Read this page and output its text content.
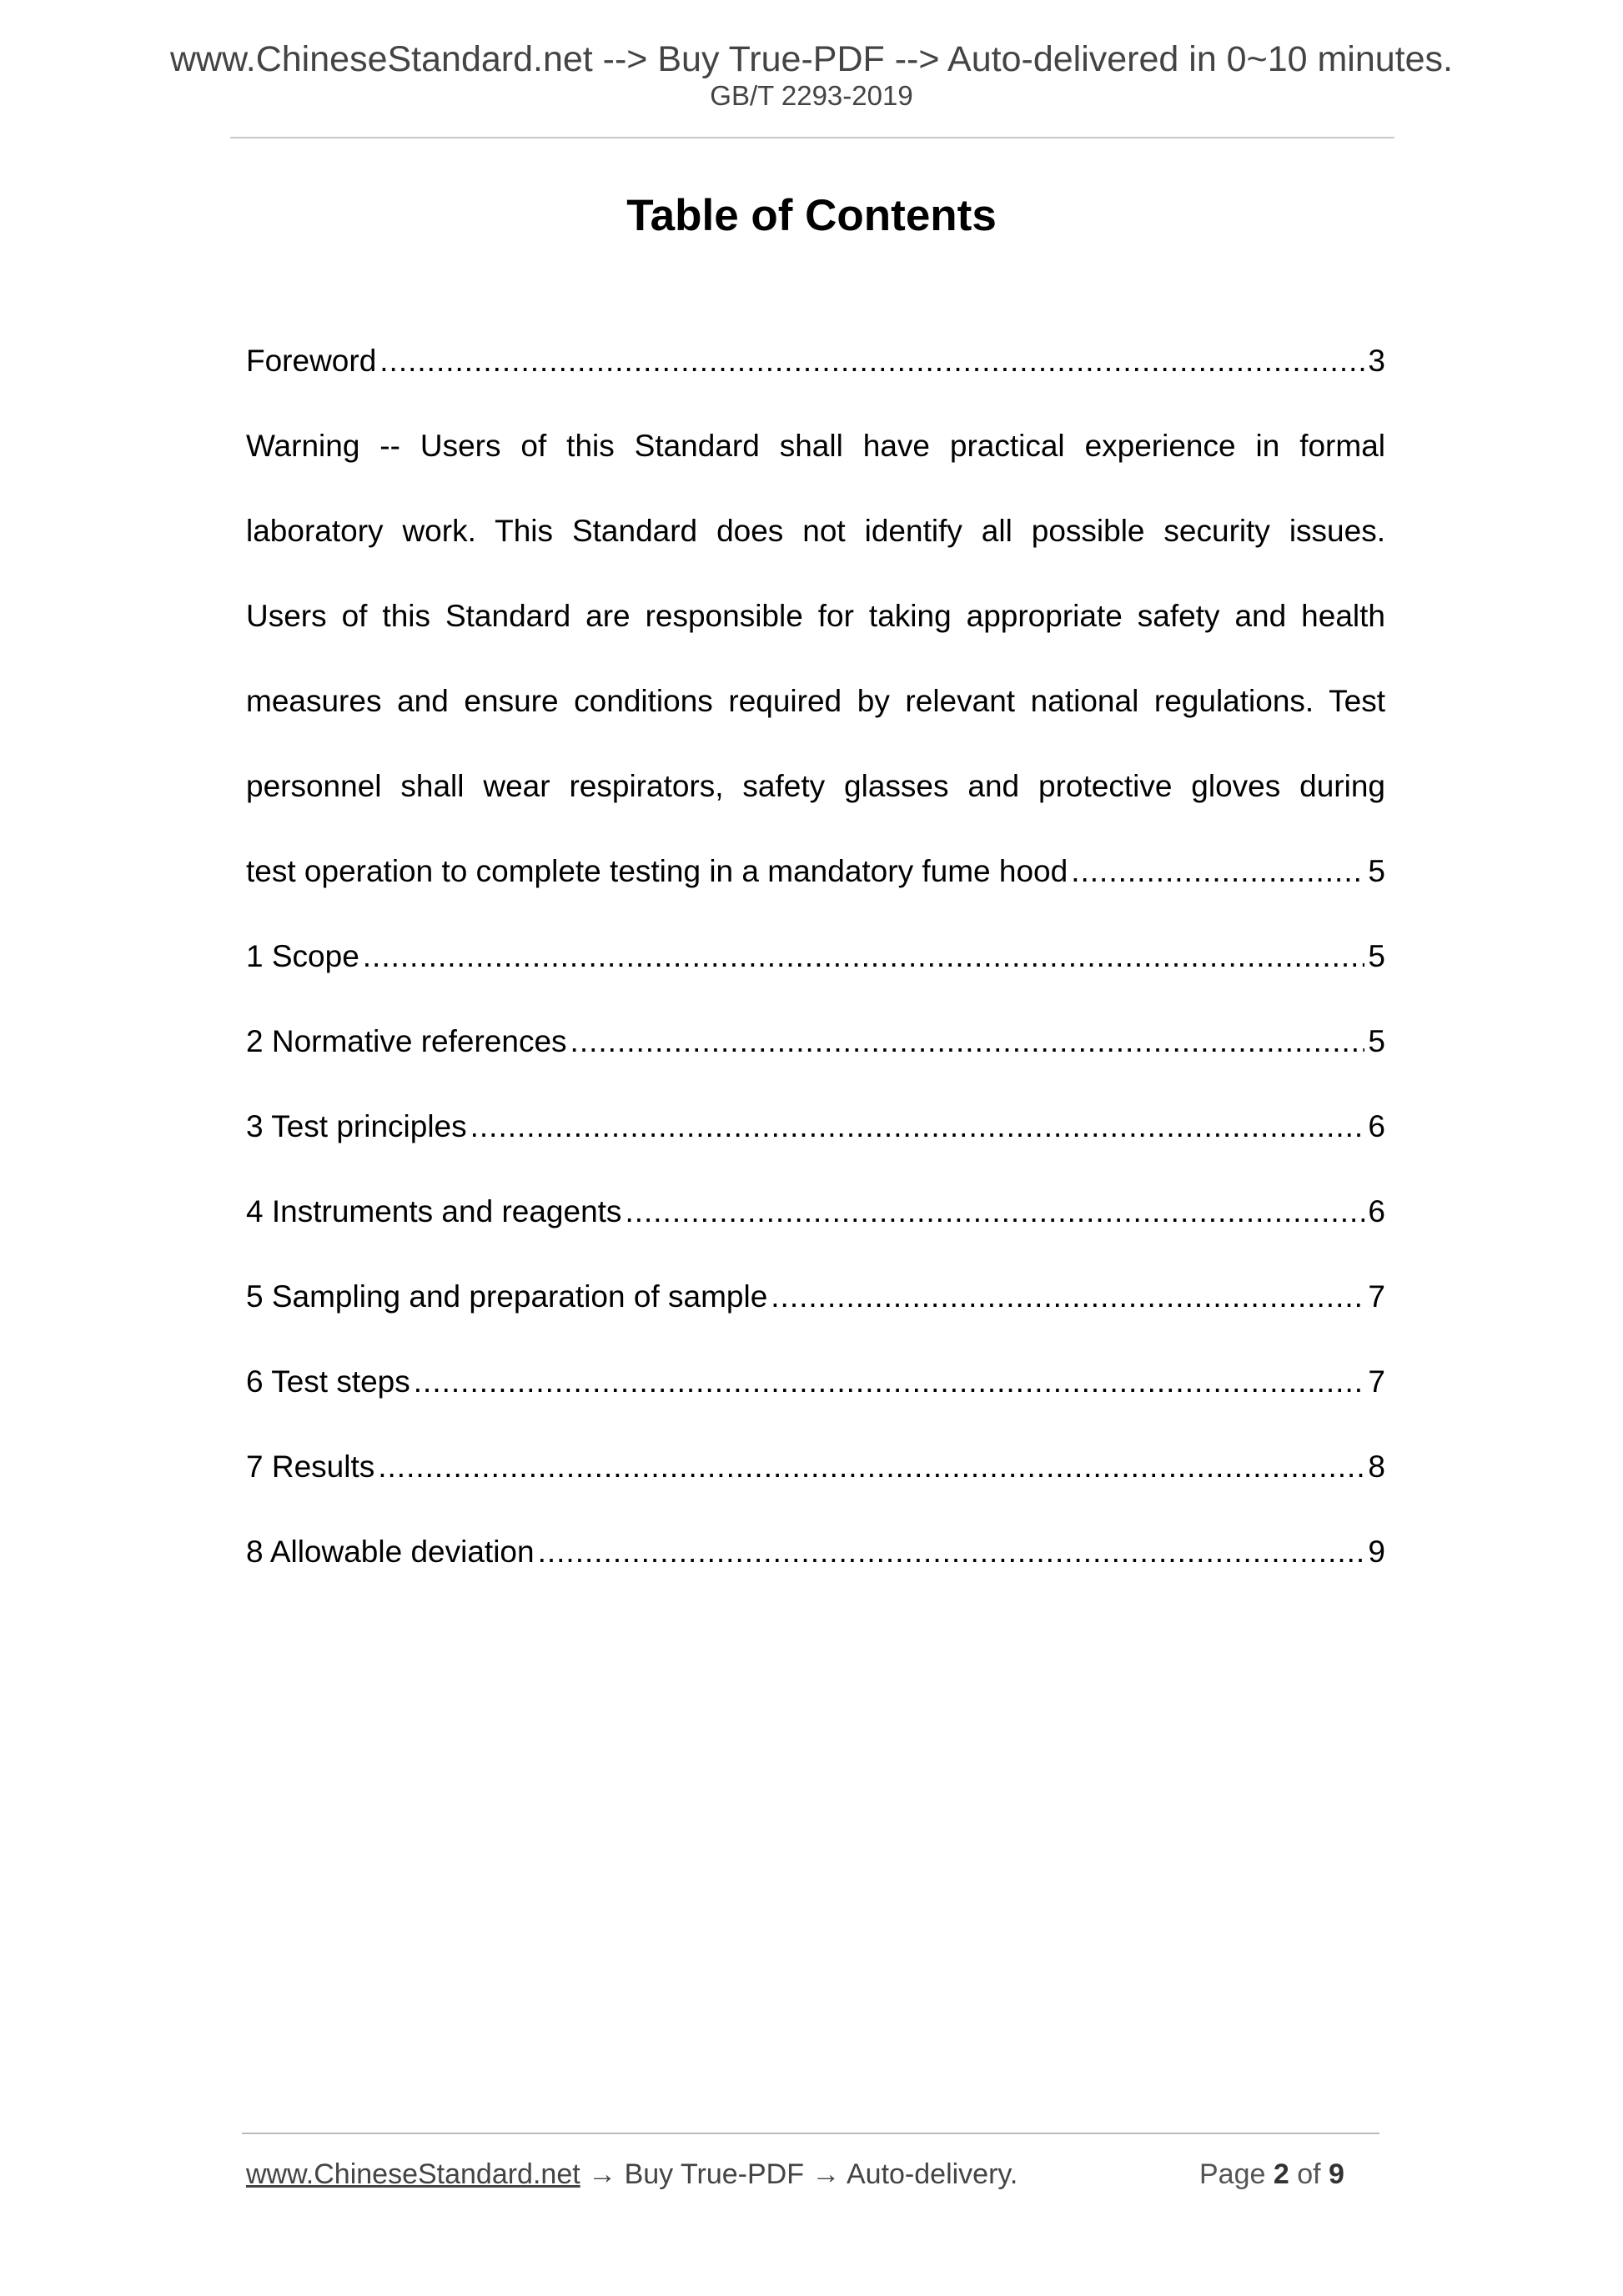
www.ChineseStandard.net --> Buy True-PDF --> Auto-delivered in 0~10 minutes.
GB/T 2293-2019
Table of Contents
Foreword .....	3
Warning -- Users of this Standard shall have practical experience in formal
laboratory work. This Standard does not identify all possible security issues.
Users of this Standard are responsible for taking appropriate safety and health
measures and ensure conditions required by relevant national regulations. Test
personnel shall wear respirators, safety glasses and protective gloves during
test operation to complete testing in a mandatory fume hood .....	5
1 Scope .....	5
2 Normative references .....	5
3 Test principles .....	6
4 Instruments and reagents .....	6
5 Sampling and preparation of sample .....	7
6 Test steps .....	7
7 Results .....	8
8 Allowable deviation .....	9
www.ChineseStandard.net → Buy True-PDF → Auto-delivery.	Page 2 of 9
